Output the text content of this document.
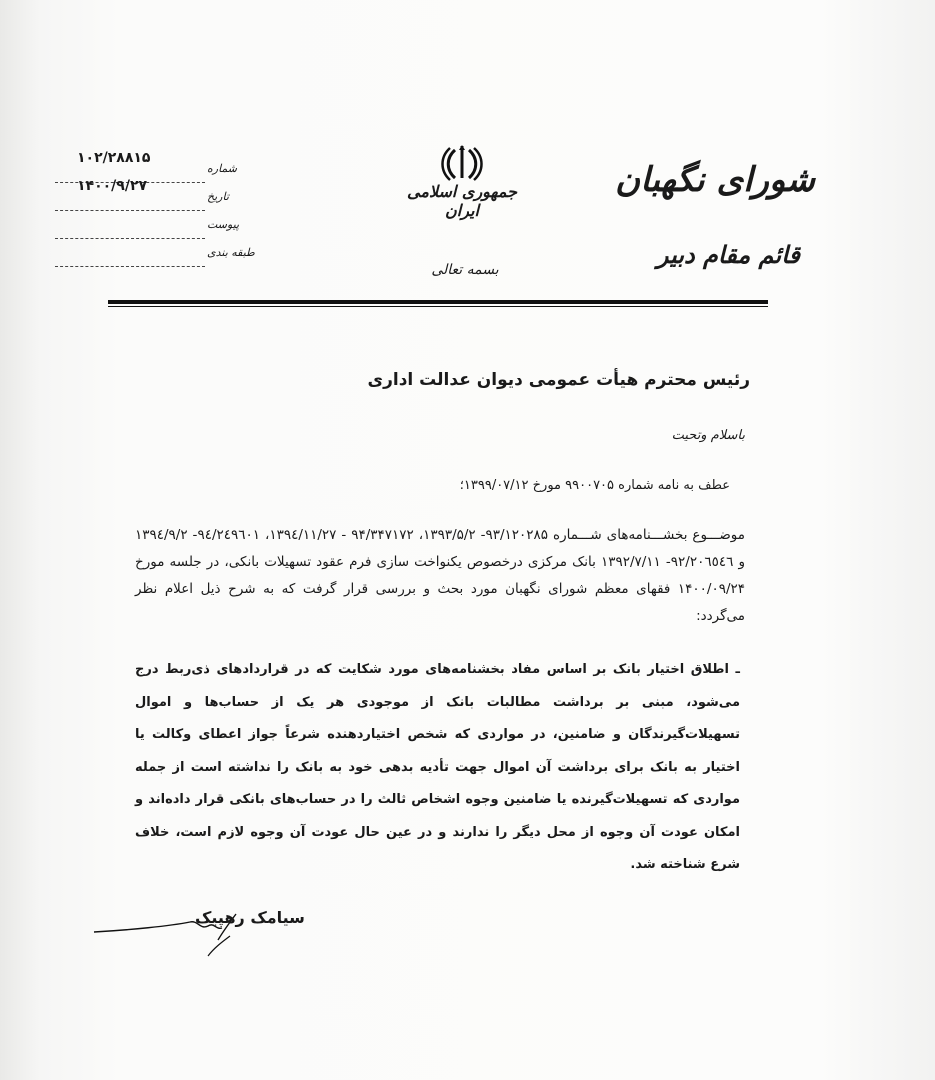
۱۰۲/۲۸۸۱۵
شماره
۱۴۰۰/۹/۲۷
تاریخ
پیوست
طبقه بندی
جمهوری اسلامی ایران
بسمه تعالی
شورای نگهبان
قائم مقام دبیر
رئیس محترم هیأت عمومی دیوان عدالت اداری
باسلام وتحیت
عطف به نامه شماره ۹۹۰۰۷۰۵ مورخ ۱۳۹۹/۰۷/۱۲؛
موضـــوع بخشـــنامه‌های شـــماره ۹۳/۱۲۰۲۸۵- ۱۳۹۳/۵/۲، ۹۴/۳۴۷۱۷۲ - ۱۳۹٤/۱۱/۲۷، ۹٤/۲٤۹٦۰۱- ۱۳۹٤/۹/۲ و ۹۲/۲۰٦٥٤٦- ۱۳۹۲/۷/۱۱ بانک مرکزی درخصوص یکنواخت سازی فرم عقود تسهیلات بانکی، در جلسه مورخ ۱۴۰۰/۰۹/۲۴ فقهای معظم شورای نگهبان مورد بحث و بررسی قرار گرفت که به شرح ذیل اعلام نظر می‌گردد:
ـ اطلاق اختیار بانک بر اساس مفاد بخشنامه‌های مورد شکایت که در قراردادهای ذی‌ربط درج می‌شود، مبنی بر برداشت مطالبات بانک از موجودی هر یک از حساب‌ها و اموال تسهیلات‌گیرندگان و ضامنین، در مواردی که شخص اختیاردهنده شرعاً جواز اعطای وکالت یا اختیار به بانک برای برداشت آن اموال جهت تأدیه بدهی خود به بانک را نداشته است از جمله مواردی که تسهیلات‌گیرنده یا ضامنین وجوه اشخاص ثالث را در حساب‌های بانکی قرار داده‌اند و امکان عودت آن وجوه از محل دیگر را ندارند و در عین حال عودت آن وجوه لازم است، خلاف شرع شناخته شد.
سیامک رهپیک
